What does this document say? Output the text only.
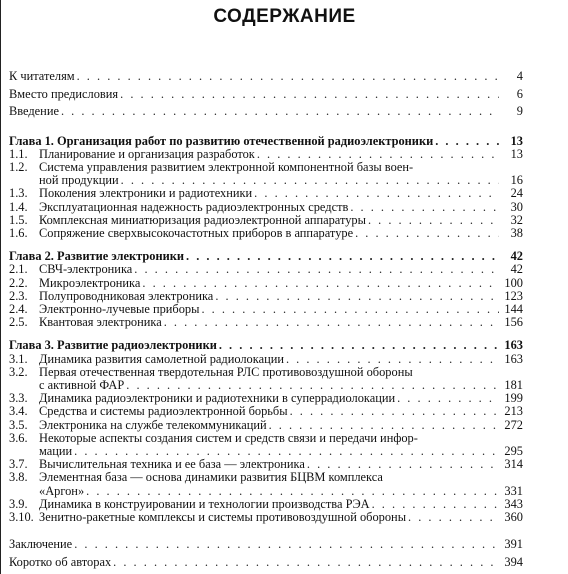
СОДЕРЖАНИЕ
К читателям . . .	4
Вместо предисловия . . .	6
Введение . . .	9
Глава 1. Организация работ по развитию отечественной радиоэлектроники . . .	13
1.1. Планирование и организация разработок . . .	13
1.2. Система управления развитием электронной компонентной базы воен-
ной продукции . . .	16
1.3. Поколения электроники и радиотехники . . .	24
1.4. Эксплуатационная надежность радиоэлектронных средств . . .	30
1.5. Комплексная миниатюризация радиоэлектронной аппаратуры . . .	32
1.6. Сопряжение сверхвысокочастотных приборов в аппаратуре . . .	38
Глава 2. Развитие электроники . . .	42
2.1. СВЧ-электроника . . .	42
2.2. Микроэлектроника . . .	100
2.3. Полупроводниковая электроника . . .	123
2.4. Электронно-лучевые приборы . . .	144
2.5. Квантовая электроника . . .	156
Глава 3. Развитие радиоэлектроники . . .	163
3.1. Динамика развития самолетной радиолокации . . .	163
3.2. Первая отечественная твердотельная РЛС противовоздушной обороны
с активной ФАР . . .	181
3.3. Динамика радиоэлектроники и радиотехники в суперрадиолокации . . .	199
3.4. Средства и системы радиоэлектронной борьбы . . .	213
3.5. Электроника на службе телекоммуникаций . . .	272
3.6. Некоторые аспекты создания систем и средств связи и передачи инфор-
мации . . .	295
3.7. Вычислительная техника и ее база — электроника . . .	314
3.8. Элементная база — основа динамики развития БЦВМ комплекса
«Аргон» . . .	331
3.9. Динамика в конструировании и технологии производства РЭА . . .	343
3.10. Зенитно-ракетные комплексы и системы противовоздушной обороны . . .	360
Заключение . . .	391
Коротко об авторах . . .	394
